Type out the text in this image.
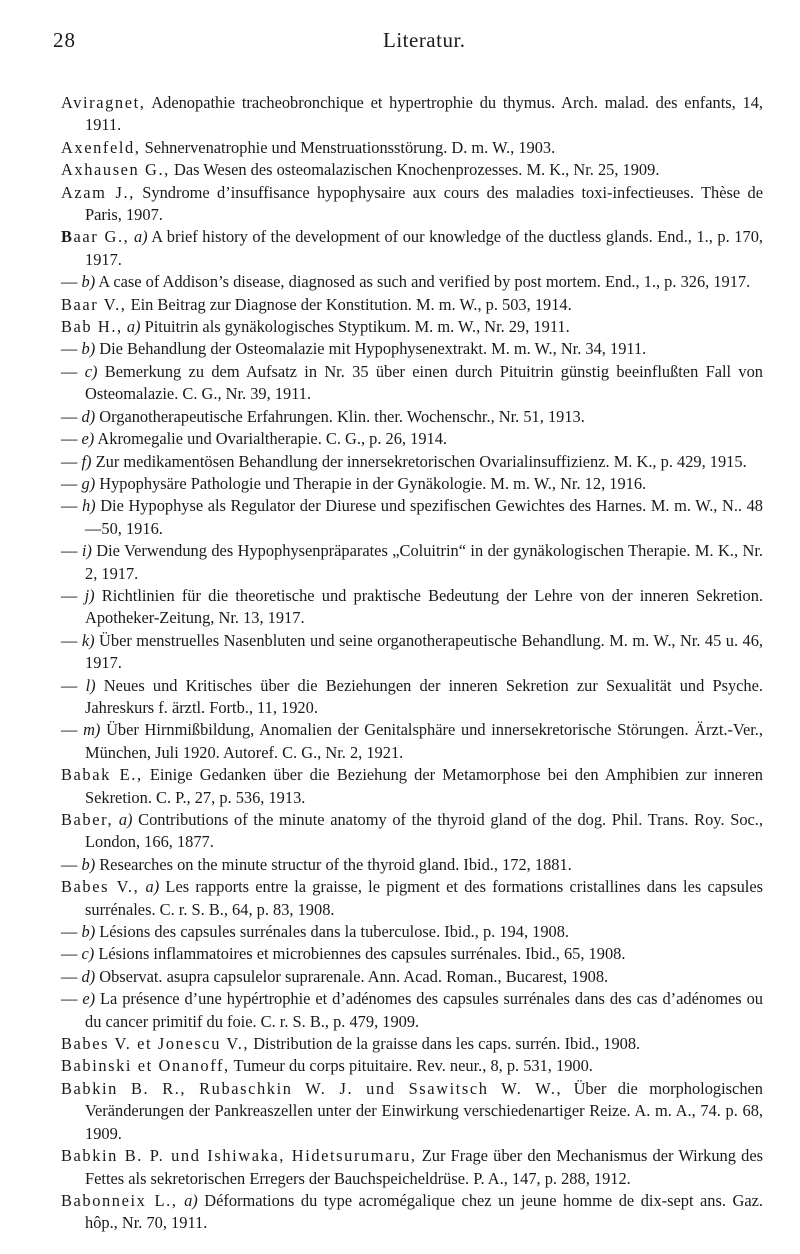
28	Literatur.

Aviragnet, Adenopathie tracheobronchique et hypertrophie du thymus. Arch. malad. des enfants, 14, 1911.

Axenfeld, Sehnervenatrophie und Menstruationsstörung. D. m. W., 1903.

Axhausen G., Das Wesen des osteomalazischen Knochenprozesses. M. K., Nr. 25, 1909.

Azam J., Syndrome d’insuffisance hypophysaire aux cours des maladies toxi-infectieuses. Thèse de Paris, 1907.

Baar G., a) A brief history of the development of our knowledge of the ductless glands. End., 1., p. 170, 1917.

— b) A case of Addison’s disease, diagnosed as such and verified by post mortem. End., 1., p. 326, 1917.

Baar V., Ein Beitrag zur Diagnose der Konstitution. M. m. W., p. 503, 1914.

Bab H., a) Pituitrin als gynäkologisches Styptikum. M. m. W., Nr. 29, 1911.

— b) Die Behandlung der Osteomalazie mit Hypophysenextrakt. M. m. W., Nr. 34, 1911.

— c) Bemerkung zu dem Aufsatz in Nr. 35 über einen durch Pituitrin günstig beeinflußten Fall von Osteomalazie. C. G., Nr. 39, 1911.

— d) Organotherapeutische Erfahrungen. Klin. ther. Wochenschr., Nr. 51, 1913.

— e) Akromegalie und Ovarialtherapie. C. G., p. 26, 1914.

— f) Zur medikamentösen Behandlung der innersekretorischen Ovarialinsuffizienz. M. K., p. 429, 1915.

— g) Hypophysäre Pathologie und Therapie in der Gynäkologie. M. m. W., Nr. 12, 1916.

— h) Die Hypophyse als Regulator der Diurese und spezifischen Gewichtes des Harnes. M. m. W., N.. 48—50, 1916.

— i) Die Verwendung des Hypophysenpräparates „Coluitrin“ in der gynäkologischen Therapie. M. K., Nr. 2, 1917.

— j) Richtlinien für die theoretische und praktische Bedeutung der Lehre von der inneren Sekretion. Apotheker-Zeitung, Nr. 13, 1917.

— k) Über menstruelles Nasenbluten und seine organotherapeutische Behandlung. M. m. W., Nr. 45 u. 46, 1917.

— l) Neues und Kritisches über die Beziehungen der inneren Sekretion zur Sexualität und Psyche. Jahreskurs f. ärztl. Fortb., 11, 1920.

— m) Über Hirnmißbildung, Anomalien der Genitalsphäre und innersekretorische Störungen. Ärzt.-Ver., München, Juli 1920. Autoref. C. G., Nr. 2, 1921.

Babak E., Einige Gedanken über die Beziehung der Metamorphose bei den Amphibien zur inneren Sekretion. C. P., 27, p. 536, 1913.

Baber, a) Contributions of the minute anatomy of the thyroid gland of the dog. Phil. Trans. Roy. Soc., London, 166, 1877.

— b) Researches on the minute structur of the thyroid gland. Ibid., 172, 1881.

Babes V., a) Les rapports entre la graisse, le pigment et des formations cristallines dans les capsules surrénales. C. r. S. B., 64, p. 83, 1908.

— b) Lésions des capsules surrénales dans la tuberculose. Ibid., p. 194, 1908.

— c) Lésions inflammatoires et microbiennes des capsules surrénales. Ibid., 65, 1908.

— d) Observat. asupra capsulelor suprarenale. Ann. Acad. Roman., Bucarest, 1908.

— e) La présence d’une hypértrophie et d’adénomes des capsules surrénales dans des cas d’adénomes ou du cancer primitif du foie. C. r. S. B., p. 479, 1909.

Babes V. et Jonescu V., Distribution de la graisse dans les caps. surrén. Ibid., 1908.

Babinski et Onanoff, Tumeur du corps pituitaire. Rev. neur., 8, p. 531, 1900.

Babkin B. R., Rubaschkin W. J. und Ssawitsch W. W., Über die morphologischen Veränderungen der Pankreaszellen unter der Einwirkung verschiedenartiger Reize. A. m. A., 74. p. 68, 1909.

Babkin B. P. und Ishiwaka, Hidetsurumaru, Zur Frage über den Mechanismus der Wirkung des Fettes als sekretorischen Erregers der Bauchspeicheldrüse. P. A., 147, p. 288, 1912.

Babonneix L., a) Déformations du type acromégalique chez un jeune homme de dix-sept ans. Gaz. hôp., Nr. 70, 1911.
